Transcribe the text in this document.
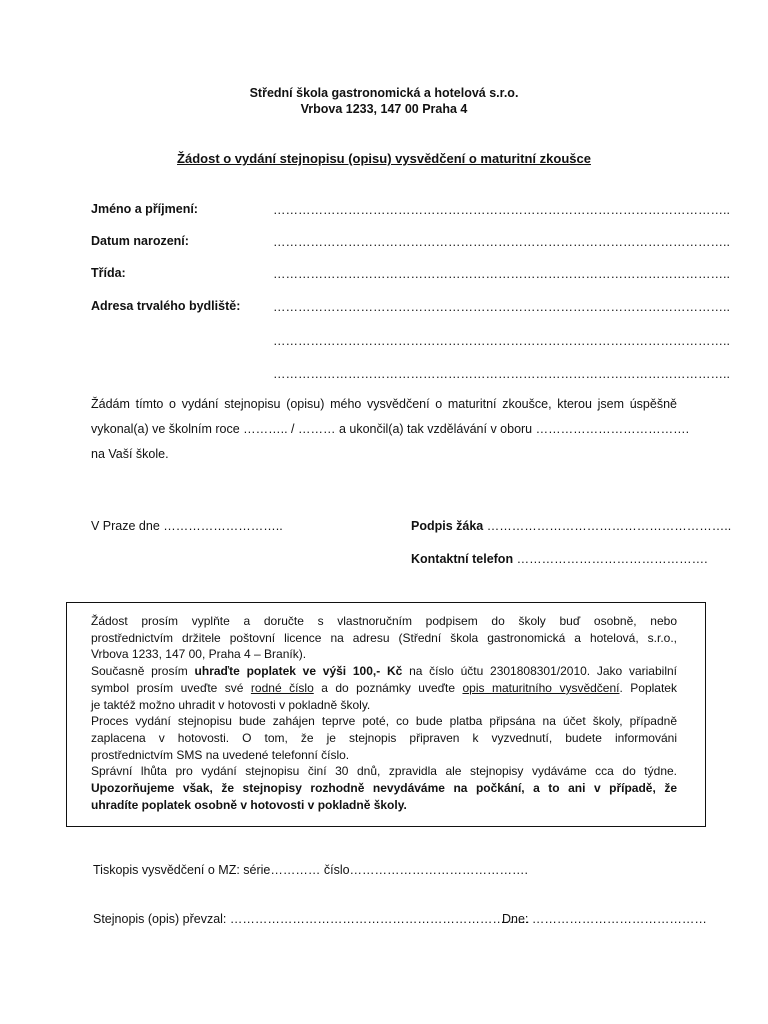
Střední škola gastronomická a hotelová s.r.o.
Vrbova 1233, 147 00 Praha 4
Žádost o vydání stejnopisu (opisu) vysvědčení o maturitní zkoušce
Jméno a příjmení:	………………………………………………………………………………………………..
Datum narození:	………………………………………………………………………………………………..
Třída:	………………………………………………………………………………………………..
Adresa trvalého bydliště:	………………………………………………………………………………………………..
………………………………………………………………………………………………..
………………………………………………………………………………………………..
Žádám tímto o vydání stejnopisu (opisu) mého vysvědčení o maturitní zkoušce, kterou jsem úspěšně
vykonal(a) ve školním roce ……….. / ……… a ukončil(a) tak vzdělávání v oboru ……………………………….
na Vaší škole.
V Praze dne ………………………..	Podpis žáka …………………………………………………..
Kontaktní telefon ……………………………………….
Žádost prosím vyplňte a doručte s vlastnoručním podpisem do školy buď osobně, nebo
prostřednictvím držitele poštovní licence na adresu (Střední škola gastronomická a hotelová, s.r.o.,
Vrbova 1233, 147 00, Praha 4 – Braník).
Současně prosím uhraďte poplatek ve výši 100,- Kč na číslo účtu 2301808301/2010. Jako variabilní
symbol prosím uveďte své rodné číslo a do poznámky uveďte opis maturitního vysvědčení. Poplatek
je taktéž možno uhradit v hotovosti v pokladně školy.
Proces vydání stejnopisu bude zahájen teprve poté, co bude platba připsána na účet školy, případně
zaplacena v hotovosti. O tom, že je stejnopis připraven k vyzvednutí, budete informováni
prostřednictvím SMS na uvedené telefonní číslo.
Správní lhůta pro vydání stejnopisu činí 30 dnů, zpravidla ale stejnopisy vydáváme cca do týdne.
Upozorňujeme však, že stejnopisy rozhodně nevydáváme na počkání, a to ani v případě, že
uhradíte poplatek osobně v hotovosti v pokladně školy.
Tiskopis vysvědčení o MZ: série………… číslo…………………………………….
Stejnopis (opis) převzal: ………………………………………………………………
Dne: ……………………………………
